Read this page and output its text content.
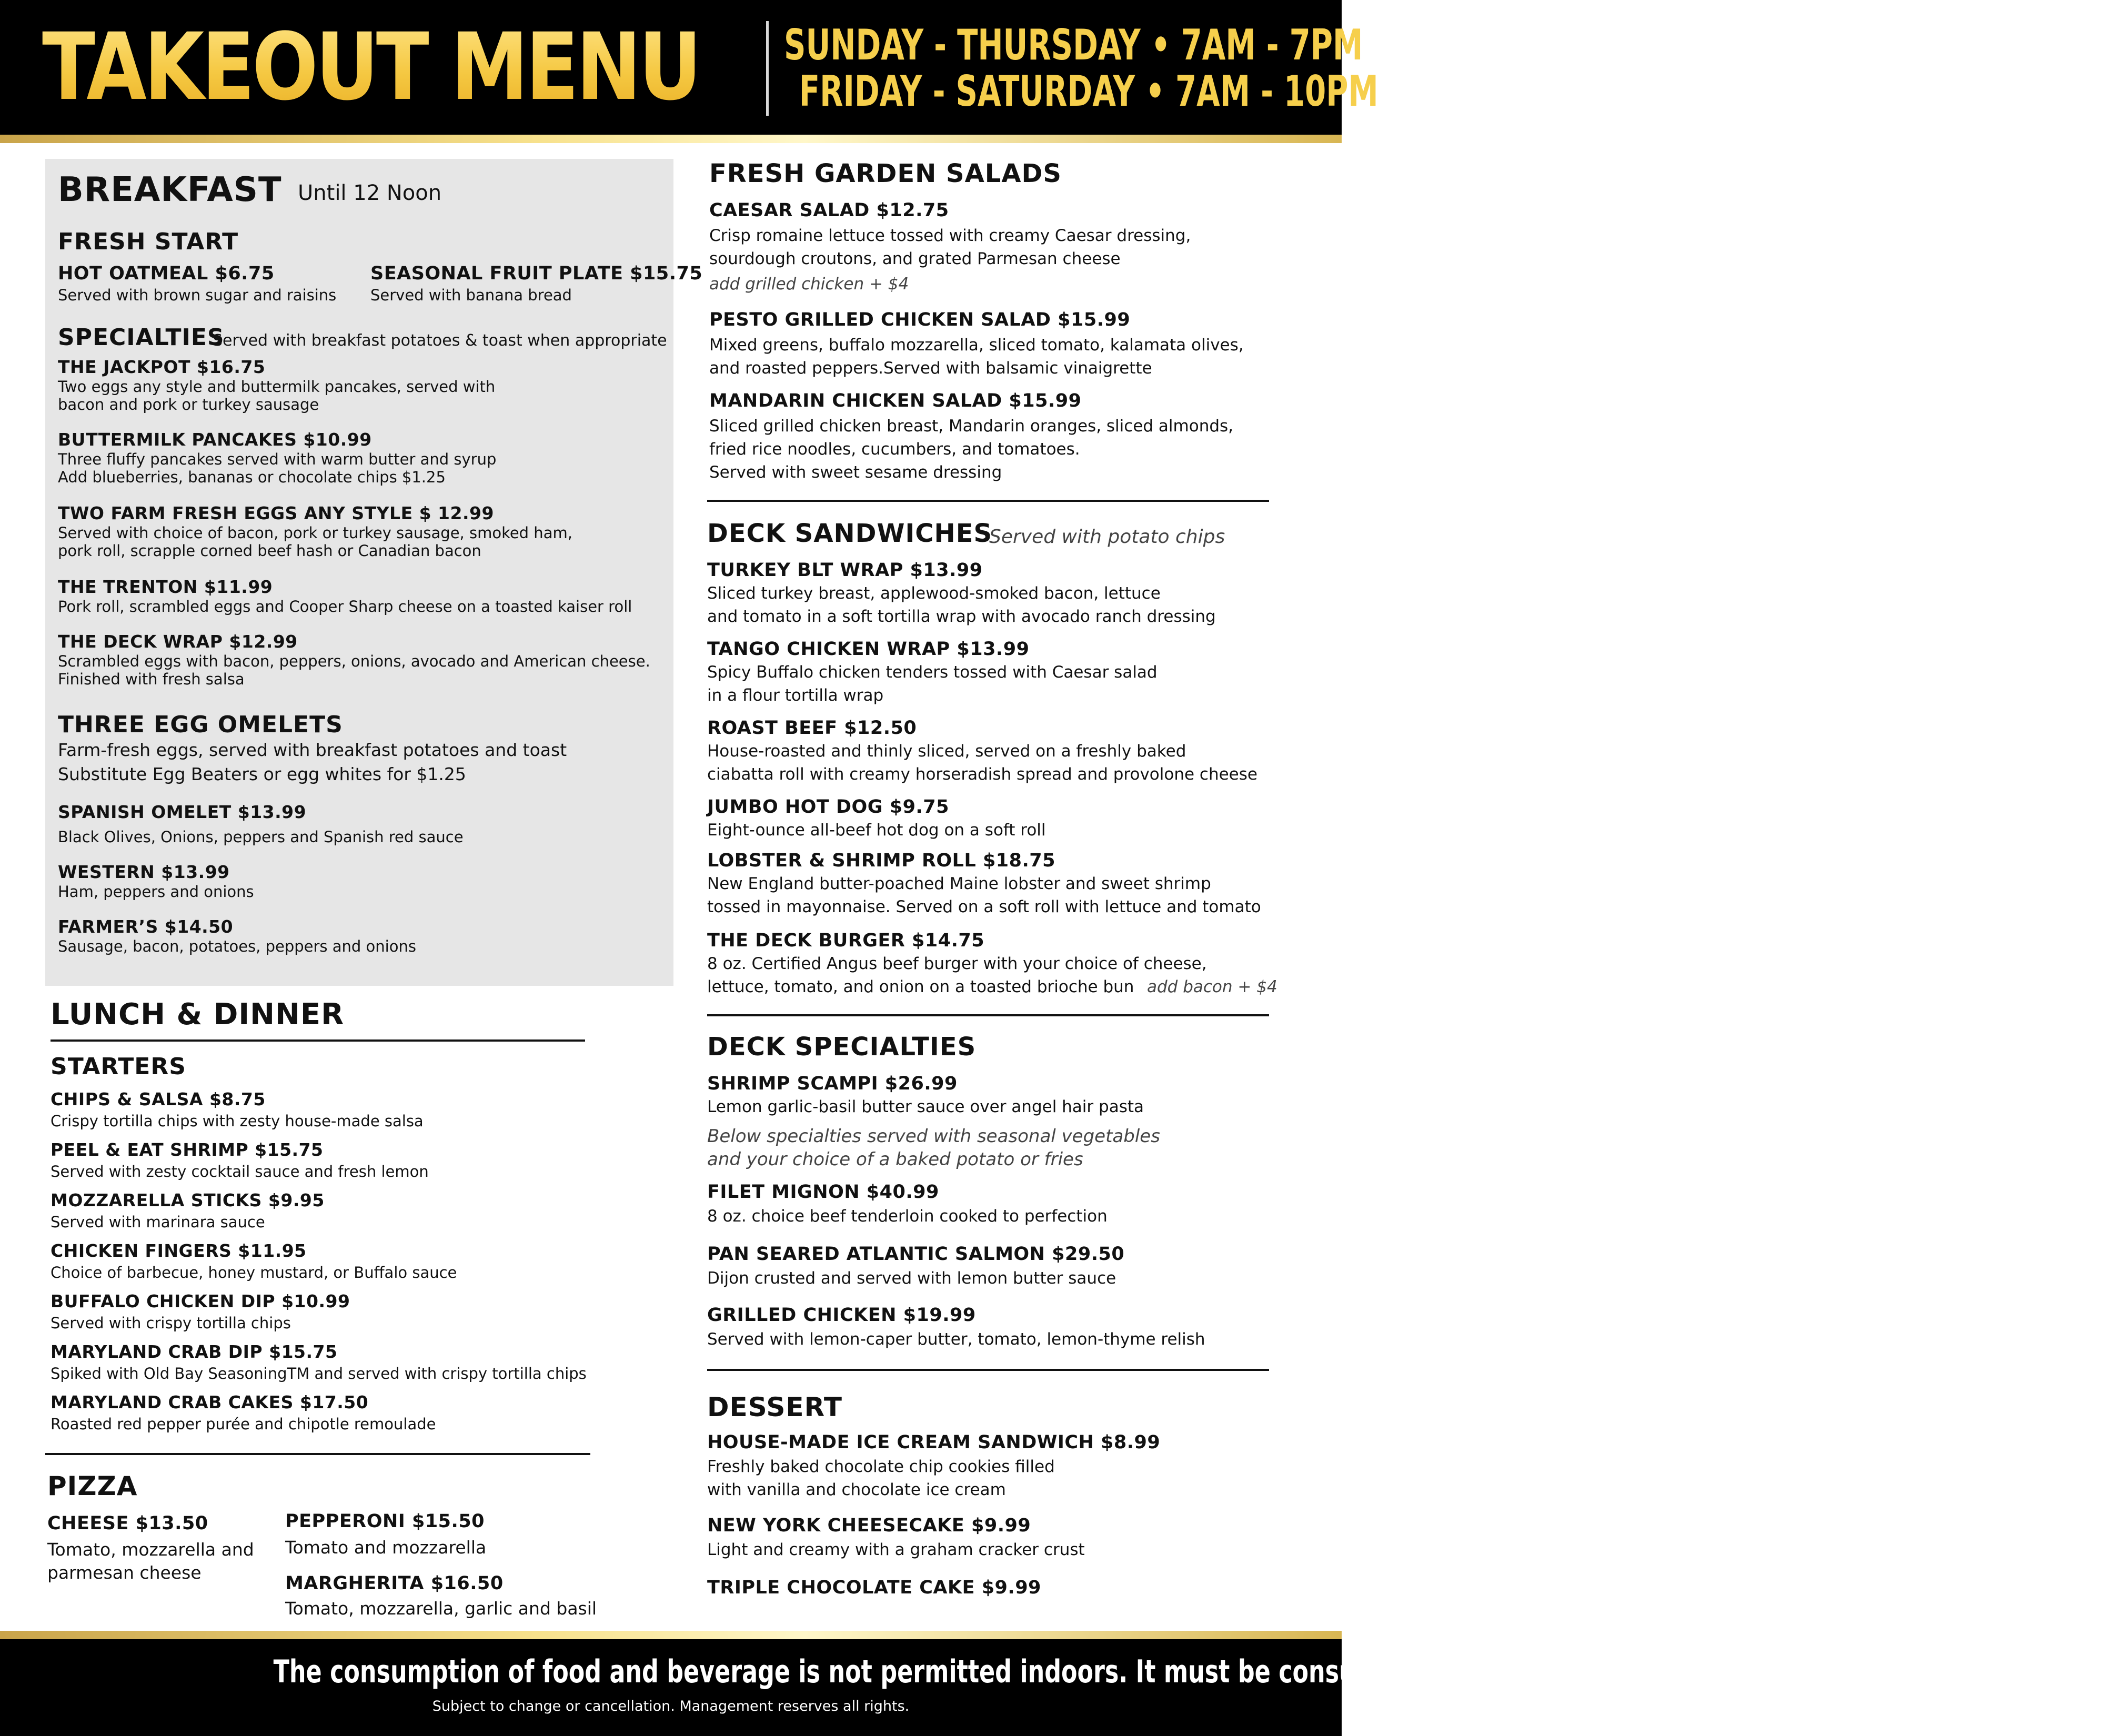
TAKEOUT MENU SUNDAY - THURSDAY • 7AM - 7PM
FRIDAY - SATURDAY • 7AM - 10PM
BREAKFAST Until 12 Noon
FRESH START
HOT OATMEAL $6.75
Served with brown sugar and raisins
SEASONAL FRUIT PLATE $15.75
Served with banana bread
SPECIALTIES
Served with breakfast potatoes & toast when appropriate
THE JACKPOT $16.75
Two eggs any style and buttermilk pancakes, served with
bacon and pork or turkey sausage
BUTTERMILK PANCAKES $10.99
Three fluffy pancakes served with warm butter and syrup
Add blueberries, bananas or chocolate chips $1.25
TWO FARM FRESH EGGS ANY STYLE $ 12.99
Served with choice of bacon, pork or turkey sausage, smoked ham,
pork roll, scrapple corned beef hash or Canadian bacon
THE TRENTON $11.99
Pork roll, scrambled eggs and Cooper Sharp cheese on a toasted kaiser roll
THE DECK WRAP $12.99
Scrambled eggs with bacon, peppers, onions, avocado and American cheese.
Finished with fresh salsa
THREE EGG OMELETS
Farm-fresh eggs, served with breakfast potatoes and toast
Substitute Egg Beaters or egg whites for $1.25
SPANISH OMELET $13.99
Black Olives, Onions, peppers and Spanish red sauce
WESTERN $13.99
Ham, peppers and onions
FARMER’S $14.50
Sausage, bacon, potatoes, peppers and onions
LUNCH & DINNER
STARTERS
CHIPS & SALSA $8.75
Crispy tortilla chips with zesty house-made salsa
PEEL & EAT SHRIMP $15.75
Served with zesty cocktail sauce and fresh lemon
MOZZARELLA STICKS $9.95
Served with marinara sauce
CHICKEN FINGERS $11.95
Choice of barbecue, honey mustard, or Buffalo sauce
BUFFALO CHICKEN DIP $10.99
Served with crispy tortilla chips
MARYLAND CRAB DIP $15.75
Spiked with Old Bay SeasoningTM and served with crispy tortilla chips
MARYLAND CRAB CAKES $17.50
Roasted red pepper purée and chipotle remoulade
PIZZA
CHEESE $13.50
Tomato, mozzarella and
parmesan cheese
PEPPERONI $15.50
Tomato and mozzarella
MARGHERITA $16.50
Tomato, mozzarella, garlic and basil
FRESH GARDEN SALADS
CAESAR SALAD $12.75
Crisp romaine lettuce tossed with creamy Caesar dressing,
sourdough croutons, and grated Parmesan cheese
add grilled chicken + $4
PESTO GRILLED CHICKEN SALAD $15.99
Mixed greens, buffalo mozzarella, sliced tomato, kalamata olives,
and roasted peppers.Served with balsamic vinaigrette
MANDARIN CHICKEN SALAD $15.99
Sliced grilled chicken breast, Mandarin oranges, sliced almonds,
fried rice noodles, cucumbers, and tomatoes.
Served with sweet sesame dressing
DECK SANDWICHES
Served with potato chips
TURKEY BLT WRAP $13.99
Sliced turkey breast, applewood-smoked bacon, lettuce
and tomato in a soft tortilla wrap with avocado ranch dressing
TANGO CHICKEN WRAP $13.99
Spicy Buffalo chicken tenders tossed with Caesar salad
in a flour tortilla wrap
ROAST BEEF $12.50
House-roasted and thinly sliced, served on a freshly baked
ciabatta roll with creamy horseradish spread and provolone cheese
JUMBO HOT DOG $9.75
Eight-ounce all-beef hot dog on a soft roll
LOBSTER & SHRIMP ROLL $18.75
New England butter-poached Maine lobster and sweet shrimp
tossed in mayonnaise. Served on a soft roll with lettuce and tomato
THE DECK BURGER $14.75
8 oz. Certified Angus beef burger with your choice of cheese,
lettuce, tomato, and onion on a toasted brioche bun add bacon + $4
DECK SPECIALTIES
SHRIMP SCAMPI $26.99
Lemon garlic-basil butter sauce over angel hair pasta
Below specialties served with seasonal vegetables
and your choice of a baked potato or fries
FILET MIGNON $40.99
8 oz. choice beef tenderloin cooked to perfection
PAN SEARED ATLANTIC SALMON $29.50
Dijon crusted and served with lemon butter sauce
GRILLED CHICKEN $19.99
Served with lemon-caper butter, tomato, lemon-thyme relish
DESSERT
HOUSE-MADE ICE CREAM SANDWICH $8.99
Freshly baked chocolate chip cookies filled
with vanilla and chocolate ice cream
NEW YORK CHEESECAKE $9.99
Light and creamy with a graham cracker crust
TRIPLE CHOCOLATE CAKE $9.99
The consumption of food and beverage is not permitted indoors. It must be consumed in a hotel room or off property.
Subject to change or cancellation. Management reserves all rights.
